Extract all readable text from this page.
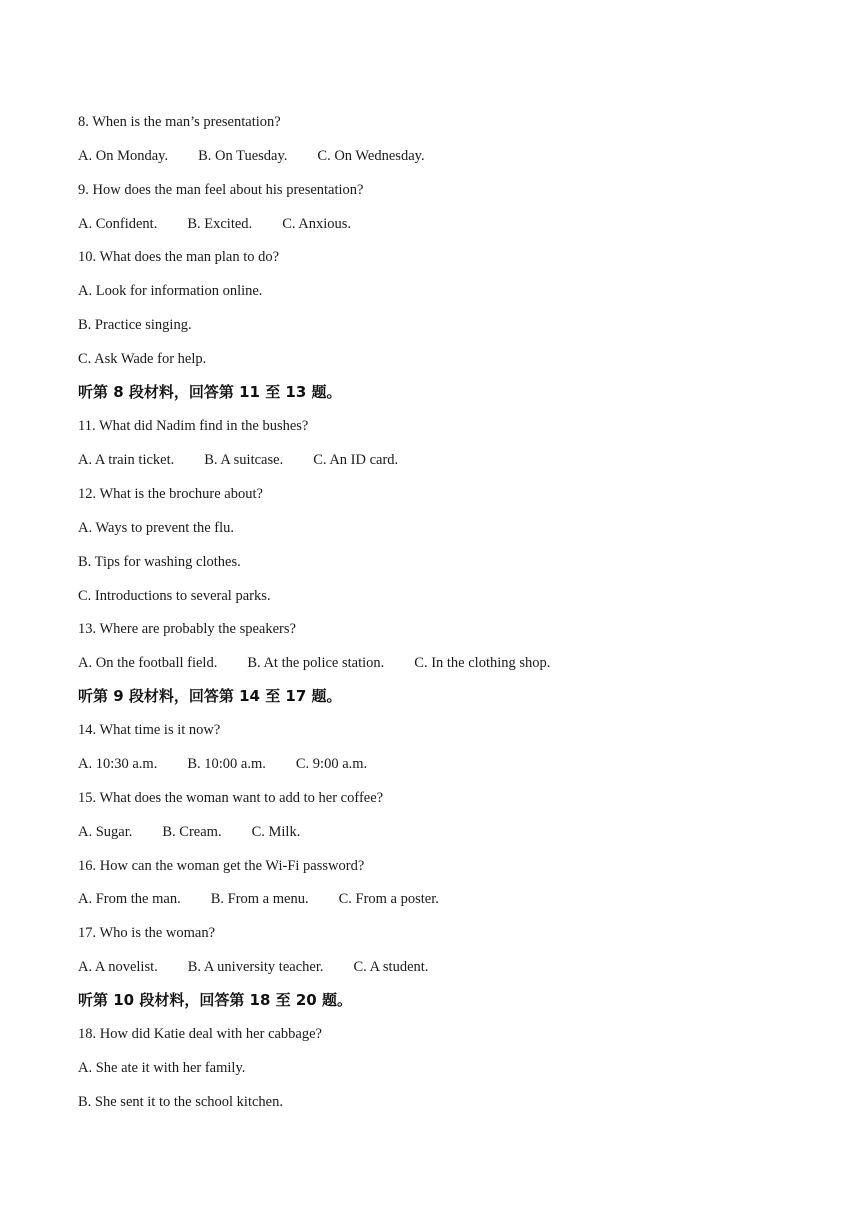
8. When is the man’s presentation?
A. On Monday. B. On Tuesday. C. On Wednesday.
9. How does the man feel about his presentation?
A. Confident. B. Excited. C. Anxious.
10. What does the man plan to do?
A. Look for information online.
B. Practice singing.
C. Ask Wade for help.
听第 8 段材料，回答第 11 至 13 题。
11. What did Nadim find in the bushes?
A. A train ticket. B. A suitcase. C. An ID card.
12. What is the brochure about?
A. Ways to prevent the flu.
B. Tips for washing clothes.
C. Introductions to several parks.
13. Where are probably the speakers?
A. On the football field. B. At the police station. C. In the clothing shop.
听第 9 段材料，回答第 14 至 17 题。
14. What time is it now?
A. 10:30 a.m. B. 10:00 a.m. C. 9:00 a.m.
15. What does the woman want to add to her coffee?
A. Sugar. B. Cream. C. Milk.
16. How can the woman get the Wi-Fi password?
A. From the man. B. From a menu. C. From a poster.
17. Who is the woman?
A. A novelist. B. A university teacher. C. A student.
听第 10 段材料，回答第 18 至 20 题。
18. How did Katie deal with her cabbage?
A. She ate it with her family.
B. She sent it to the school kitchen.
